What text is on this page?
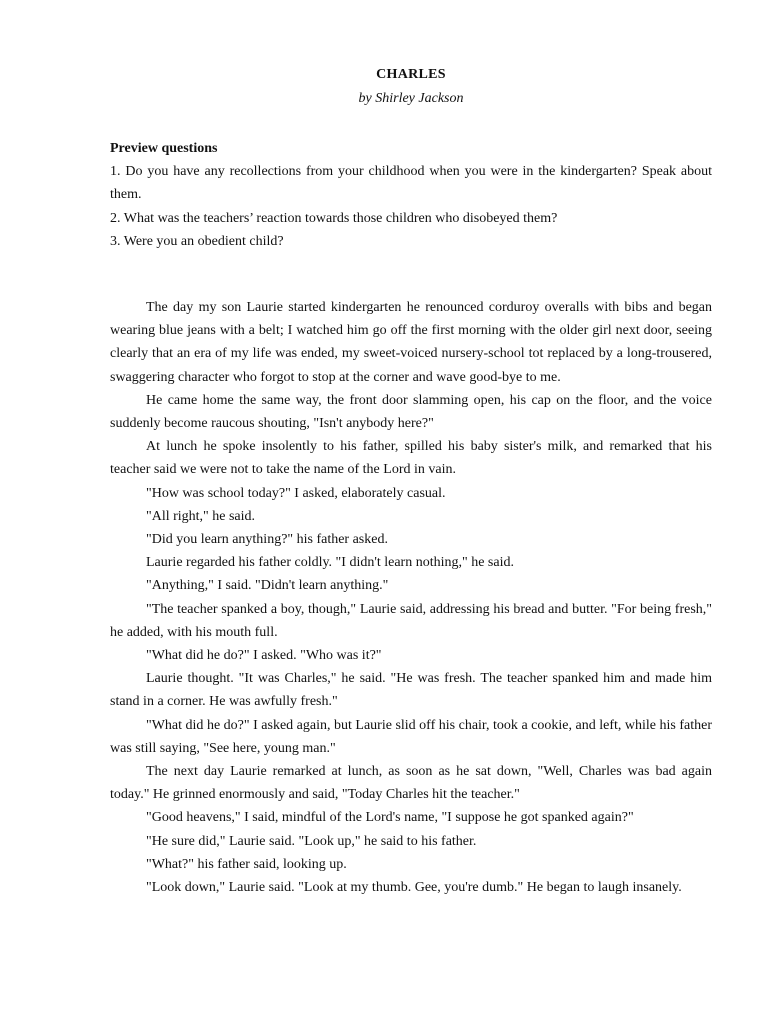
CHARLES
by Shirley Jackson

Preview questions

1. Do you have any recollections from your childhood when you were in the kindergarten? Speak about them.

2. What was the teachers’ reaction towards those children who disobeyed them?

3. Were you an obedient child?

The day my son Laurie started kindergarten he renounced corduroy overalls with bibs and began wearing blue jeans with a belt; I watched him go off the first morning with the older girl next door, seeing clearly that an era of my life was ended, my sweet-voiced nursery-school tot replaced by a long-trousered, swaggering character who forgot to stop at the corner and wave good-bye to me.

He came home the same way, the front door slamming open, his cap on the floor, and the voice suddenly become raucous shouting, "Isn't anybody here?"

At lunch he spoke insolently to his father, spilled his baby sister's milk, and remarked that his teacher said we were not to take the name of the Lord in vain.

"How was school today?" I asked, elaborately casual.

"All right," he said.

"Did you learn anything?" his father asked.

Laurie regarded his father coldly. "I didn't learn nothing," he said.

"Anything," I said. "Didn't learn anything."

"The teacher spanked a boy, though," Laurie said, addressing his bread and butter. "For being fresh," he added, with his mouth full.

"What did he do?" I asked. "Who was it?"

Laurie thought. "It was Charles," he said. "He was fresh. The teacher spanked him and made him stand in a corner. He was awfully fresh."

"What did he do?" I asked again, but Laurie slid off his chair, took a cookie, and left, while his father was still saying, "See here, young man."

The next day Laurie remarked at lunch, as soon as he sat down, "Well, Charles was bad again today." He grinned enormously and said, "Today Charles hit the teacher."

"Good heavens," I said, mindful of the Lord's name, "I suppose he got spanked again?"

"He sure did," Laurie said. "Look up," he said to his father.

"What?" his father said, looking up.

"Look down," Laurie said. "Look at my thumb. Gee, you're dumb." He began to laugh insanely.
